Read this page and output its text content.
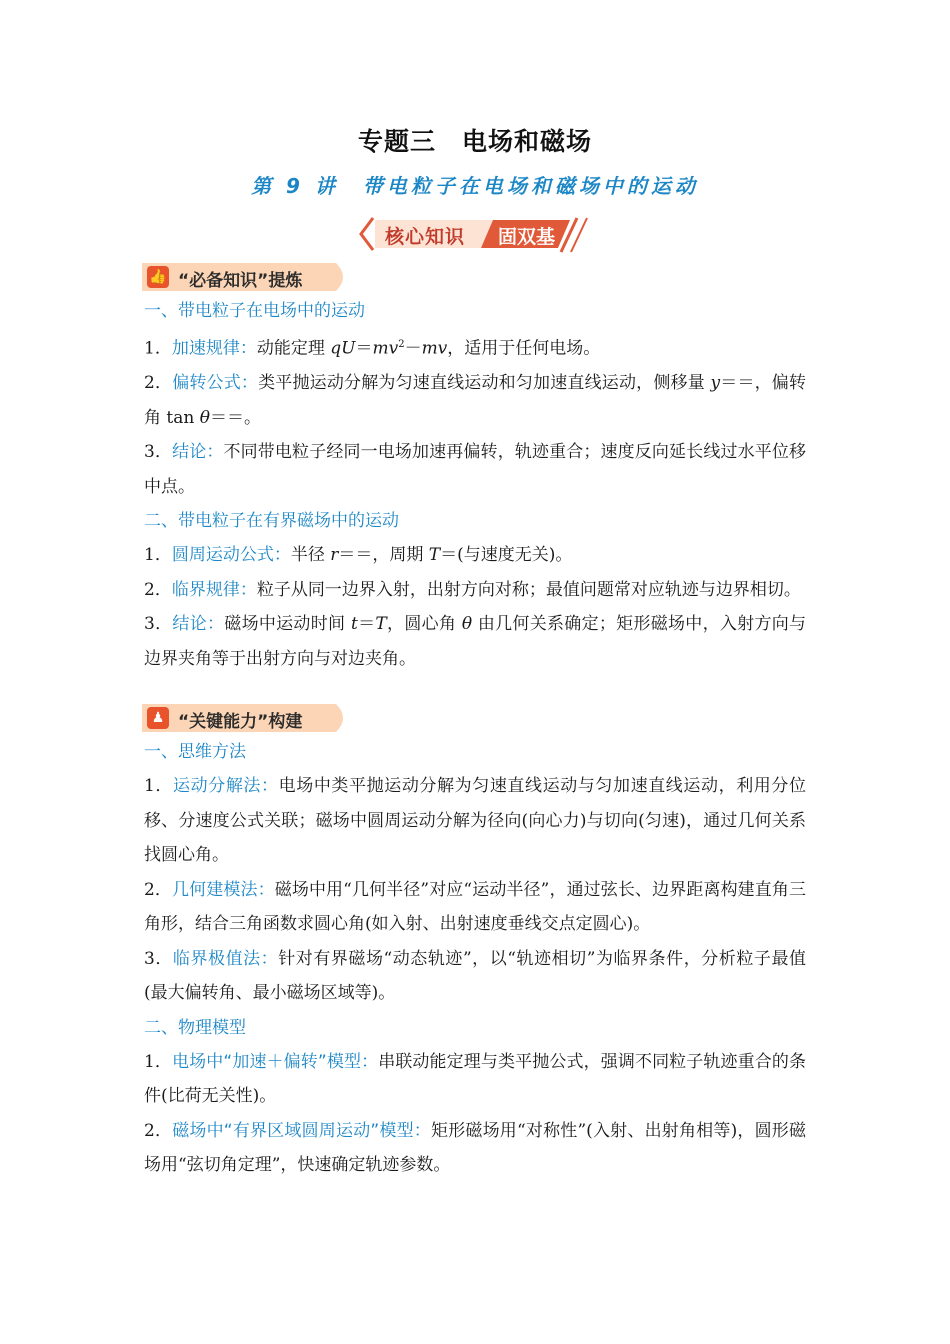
专题三　电场和磁场
第 9 讲　带电粒子在电场和磁场中的运动
核心知识 固双基
👍 “必备知识”提炼
一、带电粒子在电场中的运动
1．加速规律：动能定理 $qU=mv^2-mv$，适用于任何电场。
2．偏转公式：类平抛运动分解为匀速直线运动和匀加速直线运动，侧移量 y＝＝，偏转角 tan θ＝＝。
3．结论：不同带电粒子经同一电场加速再偏转，轨迹重合；速度反向延长线过水平位移中点。
二、带电粒子在有界磁场中的运动
1．圆周运动公式：半径 r＝＝，周期 T＝(与速度无关)。
2．临界规律：粒子从同一边界入射，出射方向对称；最值问题常对应轨迹与边界相切。
3．结论：磁场中运动时间 t＝T，圆心角 θ 由几何关系确定；矩形磁场中，入射方向与边界夹角等于出射方向与对边夹角。
♟ “关键能力”构建
一、思维方法
1．运动分解法：电场中类平抛运动分解为匀速直线运动与匀加速直线运动，利用分位移、分速度公式关联；磁场中圆周运动分解为径向(向心力)与切向(匀速)，通过几何关系找圆心角。
2．几何建模法：磁场中用“几何半径”对应“运动半径”，通过弦长、边界距离构建直角三角形，结合三角函数求圆心角(如入射、出射速度垂线交点定圆心)。
3．临界极值法：针对有界磁场“动态轨迹”，以“轨迹相切”为临界条件，分析粒子最值(最大偏转角、最小磁场区域等)。
二、物理模型
1．电场中“加速＋偏转”模型：串联动能定理与类平抛公式，强调不同粒子轨迹重合的条件(比荷无关性)。
2．磁场中“有界区域圆周运动”模型：矩形磁场用“对称性”(入射、出射角相等)，圆形磁场用“弦切角定理”，快速确定轨迹参数。
